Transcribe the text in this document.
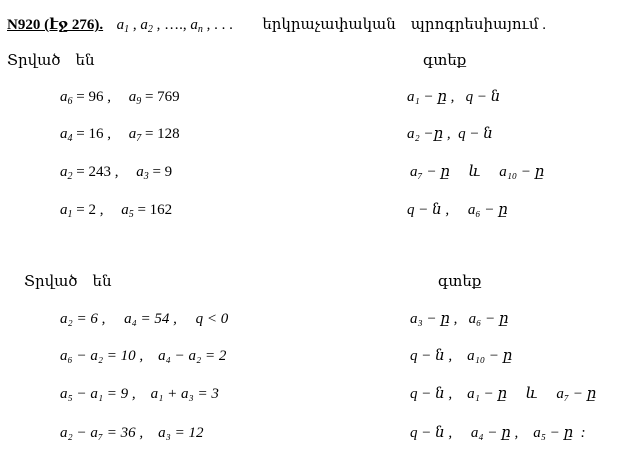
N920 (էջ 276). $a_1$ , $a_2$ , …., $a_n$ , . . . երկրաչափական    պրոգրեսիայում .
Տրված    են	գտեք
$a_6 = 96$ , $a_9 = 769$
$a_4 = 16$ , $a_7 = 128$
$a_2 = 243$ , $a_3 = 9$
$a_1 = 2$ , $a_5 = 162$
a₁ − ը ,   q − ն
a₂ −ը ,  q − ն
a₇ − ը     և     a₁₀ − ը
q − ն ,     a₆ − ը
Տրված    են	գտեք
a₂ = 6 ,     a₄ = 54 ,     q < 0
a₆ − a₂ = 10 ,    a₄ − a₂ = 2
a₅ − a₁ = 9 ,    a₁ + a₃ = 3
a₂ − a₇ = 36 ,    a₃ = 12
a₃ − ը ,   a₆ − ը
q − ն ,    a₁₀ − ը
q − ն ,    a₁ − ը     և     a₇ − ը
q − ն ,     a₄ − ը ,    a₅ − ը  :
